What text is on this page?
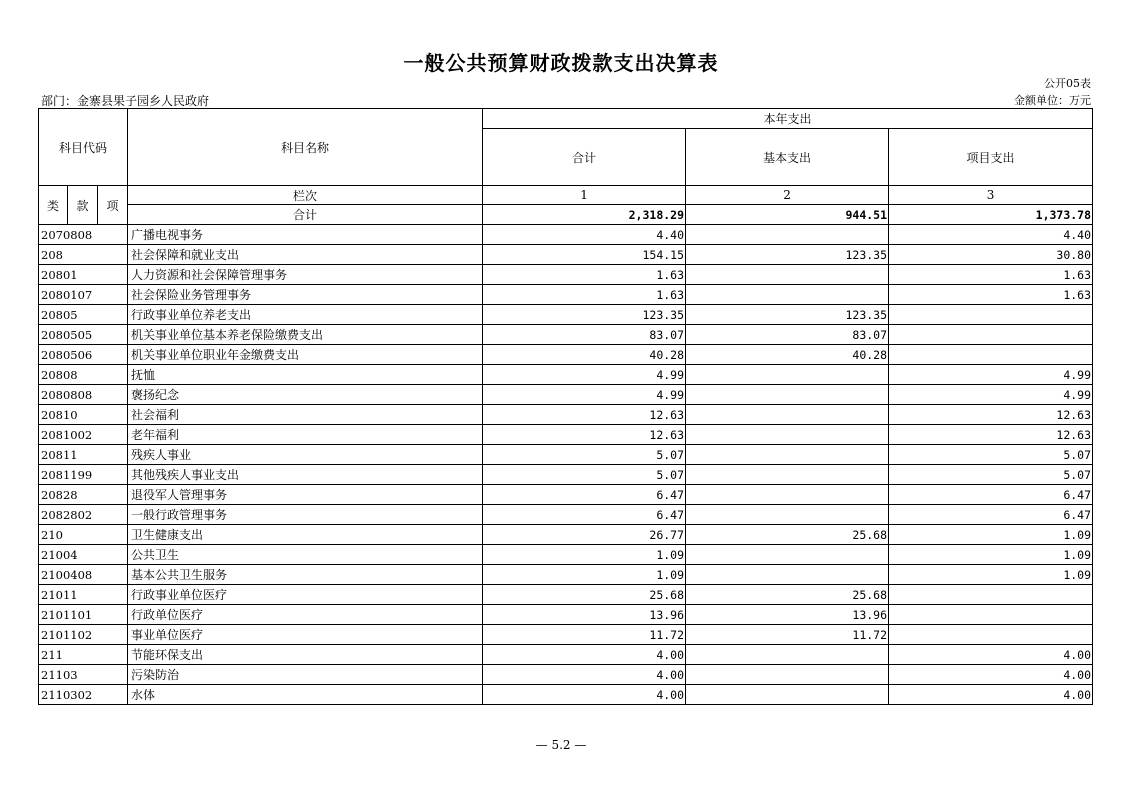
一般公共预算财政拨款支出决算表
公开05表
部门：金寨县果子园乡人民政府	金额单位：万元
科目代码			科目名称	本年支出		
				合计	基本支出	项目支出

类	款	项	栏次	1	2	3
			合计	2,318.29	944.51	1,373.78
2070808			广播电视事务	4.40		4.40
208			社会保障和就业支出	154.15	123.35	30.80
20801			人力资源和社会保障管理事务	1.63		1.63
2080107			社会保险业务管理事务	1.63		1.63
20805			行政事业单位养老支出	123.35	123.35	
2080505			机关事业单位基本养老保险缴费支出	83.07	83.07	
2080506			机关事业单位职业年金缴费支出	40.28	40.28	
20808			抚恤	4.99		4.99
2080808			褒扬纪念	4.99		4.99
20810			社会福利	12.63		12.63
2081002			老年福利	12.63		12.63
20811			残疾人事业	5.07		5.07
2081199			其他残疾人事业支出	5.07		5.07
20828			退役军人管理事务	6.47		6.47
2082802			一般行政管理事务	6.47		6.47
210			卫生健康支出	26.77	25.68	1.09
21004			公共卫生	1.09		1.09
2100408			基本公共卫生服务	1.09		1.09
21011			行政事业单位医疗	25.68	25.68	
2101101			行政单位医疗	13.96	13.96	
2101102			事业单位医疗	11.72	11.72	
211			节能环保支出	4.00		4.00
21103			污染防治	4.00		4.00
2110302			水体	4.00		4.00
— 5.2 —
